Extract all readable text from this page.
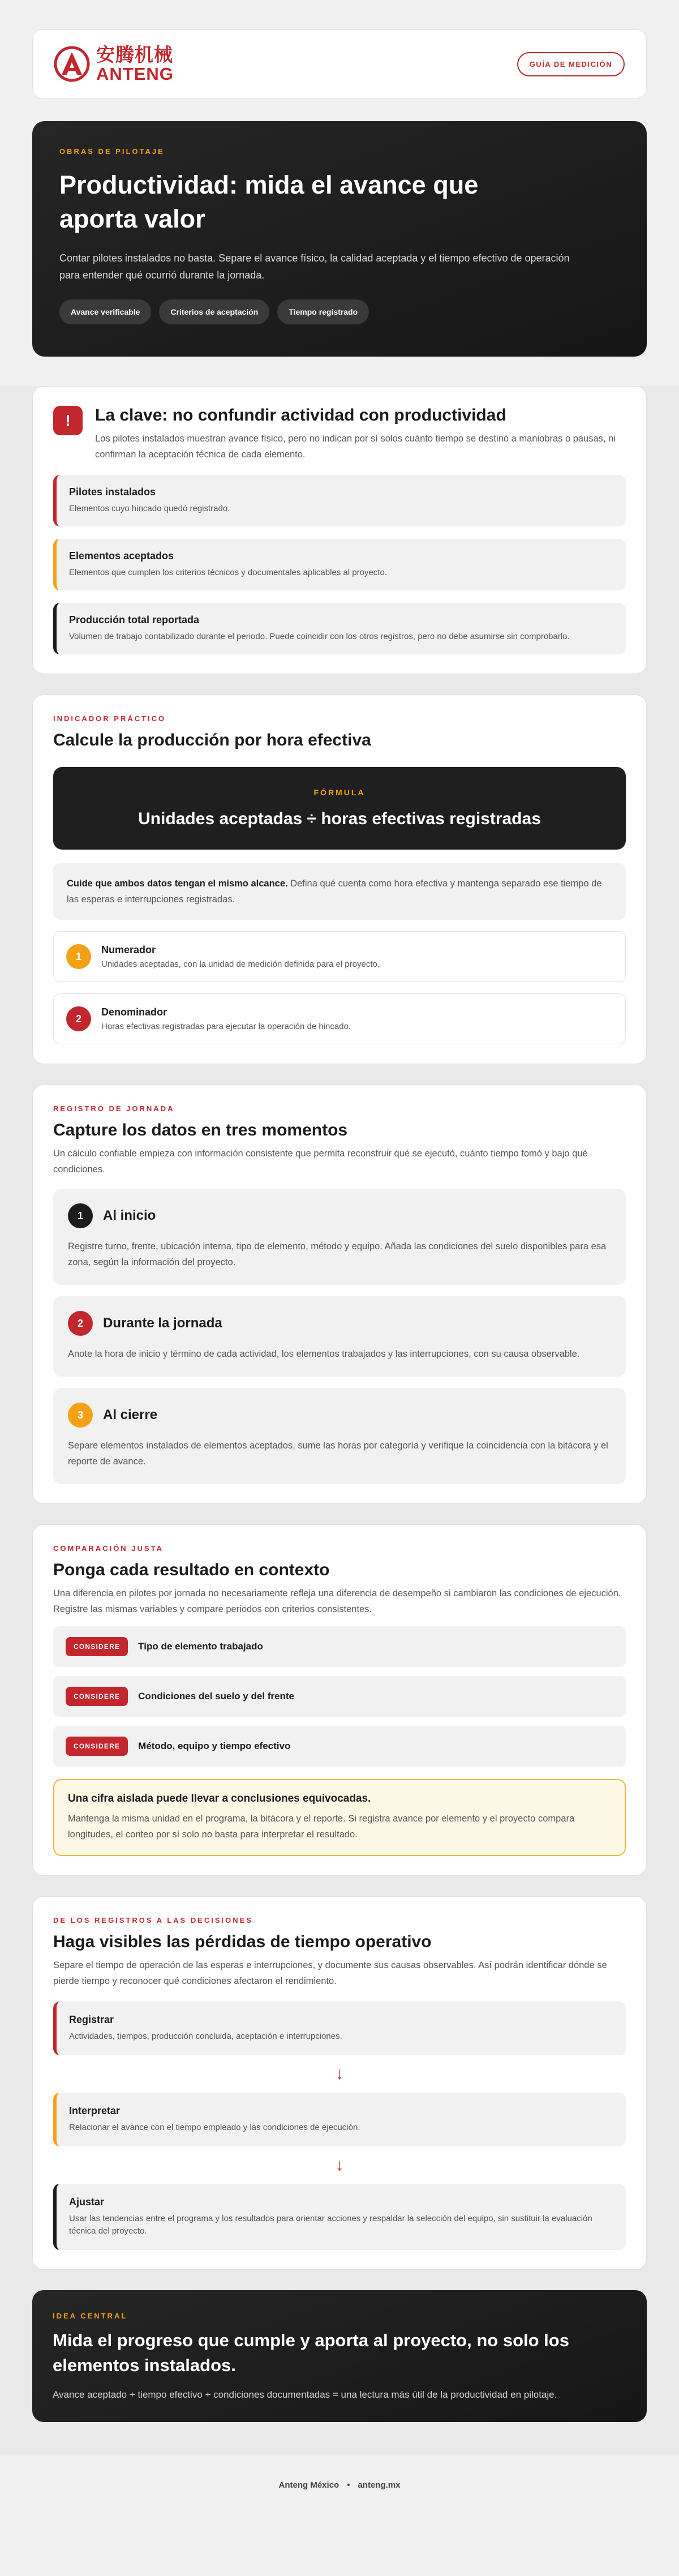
安腾机械
ANTENG	GUÍA DE MEDICIÓN
OBRAS DE PILOTAJE
Productividad: mida el avance que aporta valor

Contar pilotes instalados no basta. Separe el avance físico, la calidad aceptada y el tiempo efectivo de operación para entender qué ocurrió durante la jornada.

Avance verificable	Criterios de aceptación	Tiempo registrado
!	La clave: no confundir actividad con productividad

Los pilotes instalados muestran avance físico, pero no indican por sí solos cuánto tiempo se destinó a maniobras o pausas, ni confirman la aceptación técnica de cada elemento.

Pilotes instalados
Elementos cuyo hincado quedó registrado.
Elementos aceptados
Elementos que cumplen los criterios técnicos y documentales aplicables al proyecto.
Producción total reportada
Volumen de trabajo contabilizado durante el periodo. Puede coincidir con los otros registros, pero no debe asumirse sin comprobarlo.
INDICADOR PRÁCTICO
Calcule la producción por hora efectiva
FÓRMULA
Unidades aceptadas ÷ horas efectivas registradas
Cuide que ambos datos tengan el mismo alcance. Defina qué cuenta como hora efectiva y mantenga separado ese tiempo de las esperas e interrupciones registradas.
1
Numerador
Unidades aceptadas, con la unidad de medición definida para el proyecto.
2
Denominador
Horas efectivas registradas para ejecutar la operación de hincado.
REGISTRO DE JORNADA
Capture los datos en tres momentos

Un cálculo confiable empieza con información consistente que permita reconstruir qué se ejecutó, cuánto tiempo tomó y bajo qué condiciones.

1	Al inicio
Registre turno, frente, ubicación interna, tipo de elemento, método y equipo. Añada las condiciones del suelo disponibles para esa zona, según la información del proyecto.
2	Durante la jornada
Anote la hora de inicio y término de cada actividad, los elementos trabajados y las interrupciones, con su causa observable.
3	Al cierre
Separe elementos instalados de elementos aceptados, sume las horas por categoría y verifique la coincidencia con la bitácora y el reporte de avance.
COMPARACIÓN JUSTA
Ponga cada resultado en contexto

Una diferencia en pilotes por jornada no necesariamente refleja una diferencia de desempeño si cambiaron las condiciones de ejecución. Registre las mismas variables y compare periodos con criterios consistentes.

CONSIDERE	Tipo de elemento trabajado
CONSIDERE	Condiciones del suelo y del frente
CONSIDERE	Método, equipo y tiempo efectivo
Una cifra aislada puede llevar a conclusiones equivocadas.
Mantenga la misma unidad en el programa, la bitácora y el reporte. Si registra avance por elemento y el proyecto compara longitudes, el conteo por sí solo no basta para interpretar el resultado.
DE LOS REGISTROS A LAS DECISIONES
Haga visibles las pérdidas de tiempo operativo

Separe el tiempo de operación de las esperas e interrupciones, y documente sus causas observables. Así podrán identificar dónde se pierde tiempo y reconocer qué condiciones afectaron el rendimiento.

Registrar
Actividades, tiempos, producción concluida, aceptación e interrupciones.
↓
Interpretar
Relacionar el avance con el tiempo empleado y las condiciones de ejecución.
↓
Ajustar
Usar las tendencias entre el programa y los resultados para orientar acciones y respaldar la selección del equipo, sin sustituir la evaluación técnica del proyecto.
IDEA CENTRAL
Mida el progreso que cumple y aporta al proyecto, no solo los elementos instalados.

Avance aceptado + tiempo efectivo + condiciones documentadas = una lectura más útil de la productividad en pilotaje.

Anteng México • anteng.mx
